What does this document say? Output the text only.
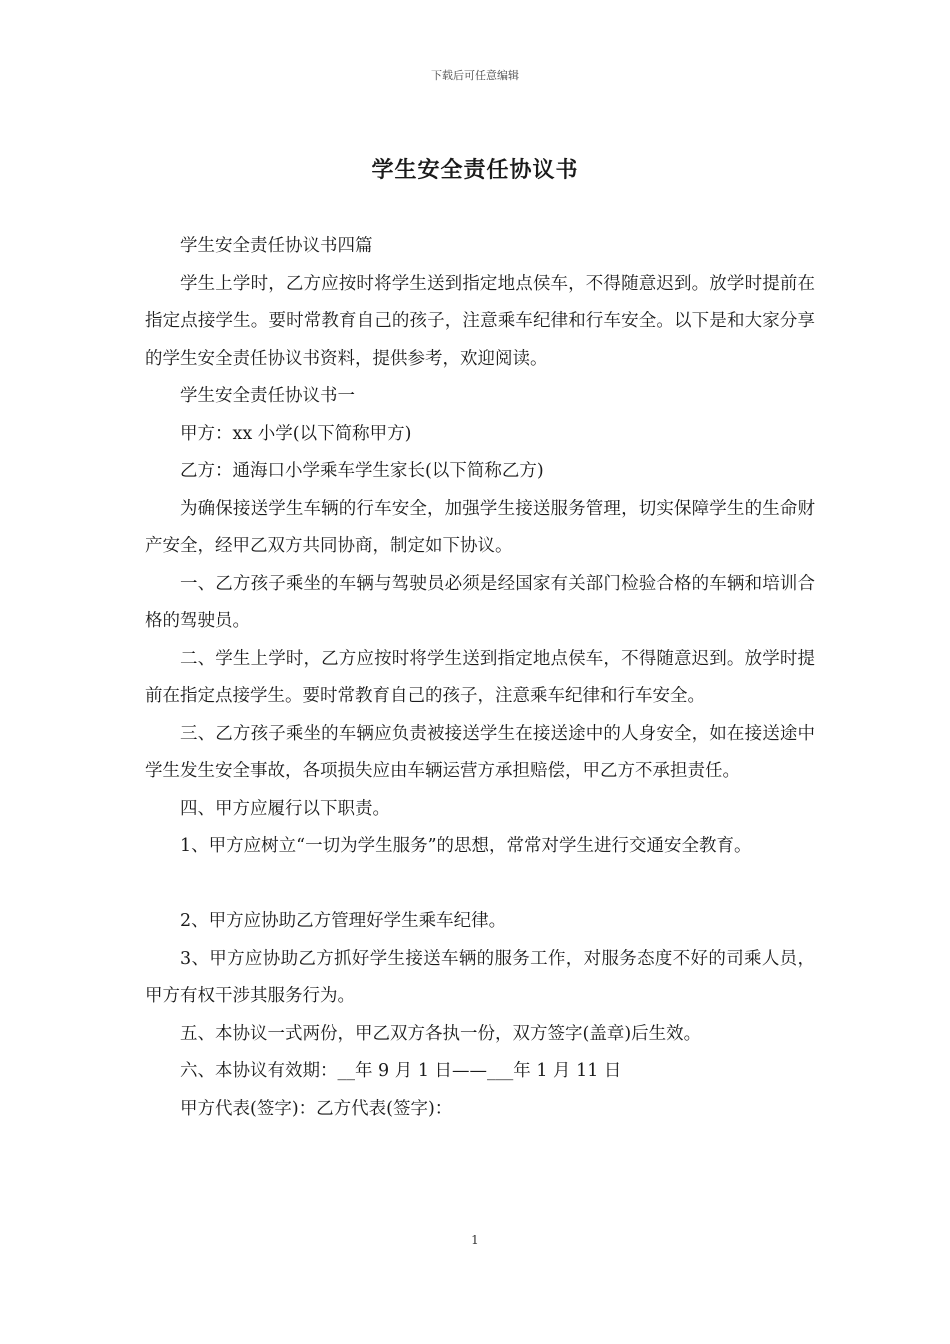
下载后可任意编辑
学生安全责任协议书

学生安全责任协议书四篇

学生上学时，乙方应按时将学生送到指定地点侯车，不得随意迟到。放学时提前在指定点接学生。要时常教育自己的孩子，注意乘车纪律和行车安全。以下是和大家分享的学生安全责任协议书资料，提供参考，欢迎阅读。

学生安全责任协议书一

甲方：xx 小学(以下简称甲方)

乙方：通海口小学乘车学生家长(以下简称乙方)

为确保接送学生车辆的行车安全，加强学生接送服务管理，切实保障学生的生命财产安全，经甲乙双方共同协商，制定如下协议。

一、乙方孩子乘坐的车辆与驾驶员必须是经国家有关部门检验合格的车辆和培训合格的驾驶员。

二、学生上学时，乙方应按时将学生送到指定地点侯车，不得随意迟到。放学时提前在指定点接学生。要时常教育自己的孩子，注意乘车纪律和行车安全。

三、乙方孩子乘坐的车辆应负责被接送学生在接送途中的人身安全，如在接送途中学生发生安全事故，各项损失应由车辆运营方承担赔偿，甲乙方不承担责任。

四、甲方应履行以下职责。

1、甲方应树立“一切为学生服务”的思想，常常对学生进行交通安全教育。

2、甲方应协助乙方管理好学生乘车纪律。

3、甲方应协助乙方抓好学生接送车辆的服务工作，对服务态度不好的司乘人员，甲方有权干涉其服务行为。

五、本协议一式两份，甲乙双方各执一份，双方签字(盖章)后生效。

六、本协议有效期：__年 9 月 1 日——___年 1 月 11 日

甲方代表(签字)：乙方代表(签字)：

1
